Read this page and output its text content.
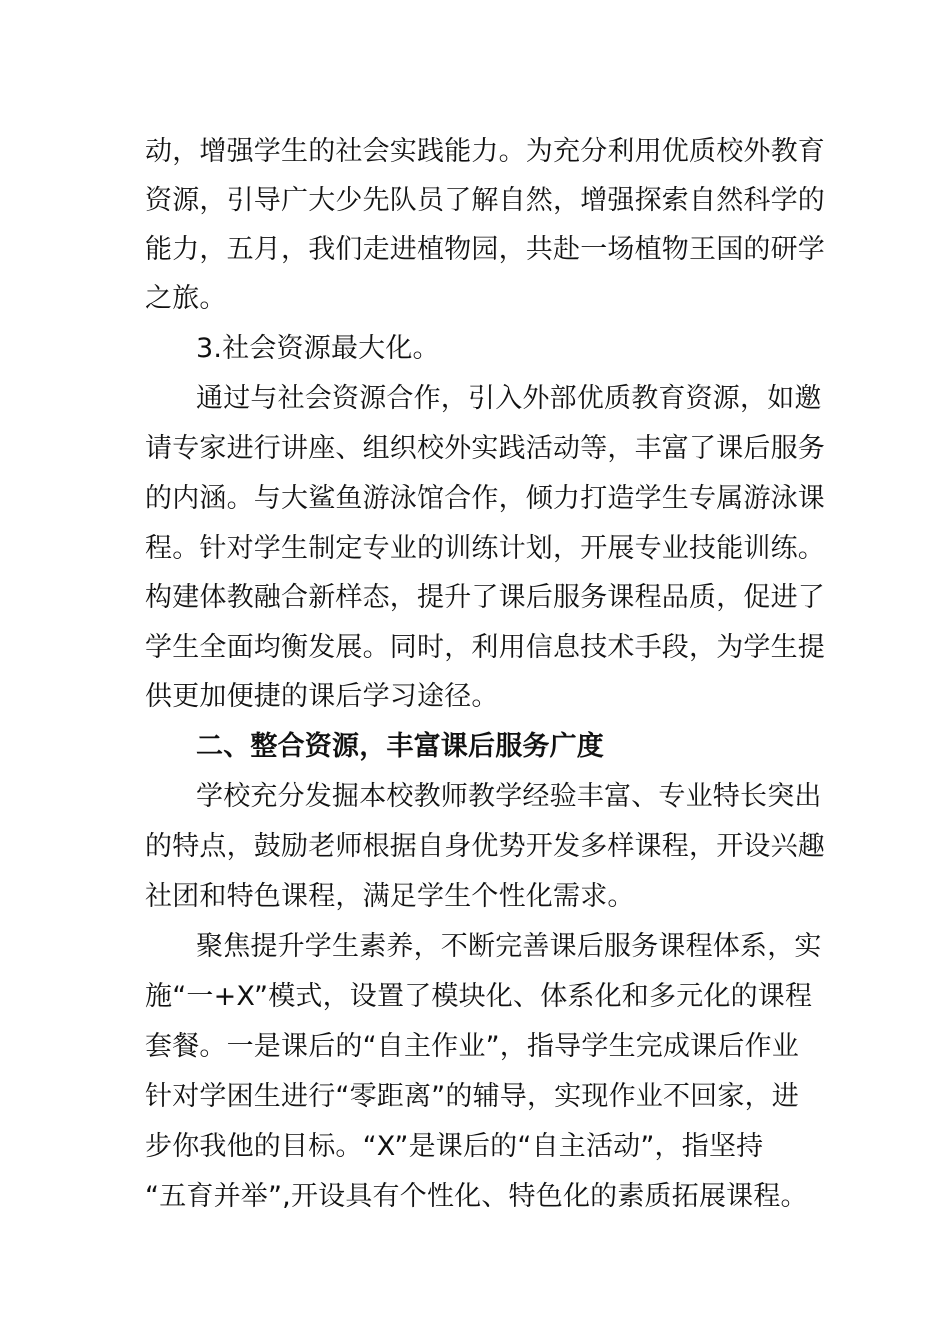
动，增强学生的社会实践能力。为充分利用优质校外教育
资源，引导广大少先队员了解自然，增强探索自然科学的
能力，五月，我们走进植物园，共赴一场植物王国的研学
之旅。
3.社会资源最大化。
通过与社会资源合作，引入外部优质教育资源，如邀
请专家进行讲座、组织校外实践活动等，丰富了课后服务
的内涵。与大鲨鱼游泳馆合作，倾力打造学生专属游泳课
程。针对学生制定专业的训练计划，开展专业技能训练。
构建体教融合新样态，提升了课后服务课程品质，促进了
学生全面均衡发展。同时，利用信息技术手段，为学生提
供更加便捷的课后学习途径。
二、整合资源，丰富课后服务广度
学校充分发掘本校教师教学经验丰富、专业特长突出
的特点，鼓励老师根据自身优势开发多样课程，开设兴趣
社团和特色课程，满足学生个性化需求。
聚焦提升学生素养，不断完善课后服务课程体系，实
施“一+X”模式，设置了模块化、体系化和多元化的课程
套餐。一是课后的“自主作业”，指导学生完成课后作业
针对学困生进行“零距离”的辅导，实现作业不回家，进
步你我他的目标。“X”是课后的“自主活动”，指坚持
“五育并举”,开设具有个性化、特色化的素质拓展课程。
